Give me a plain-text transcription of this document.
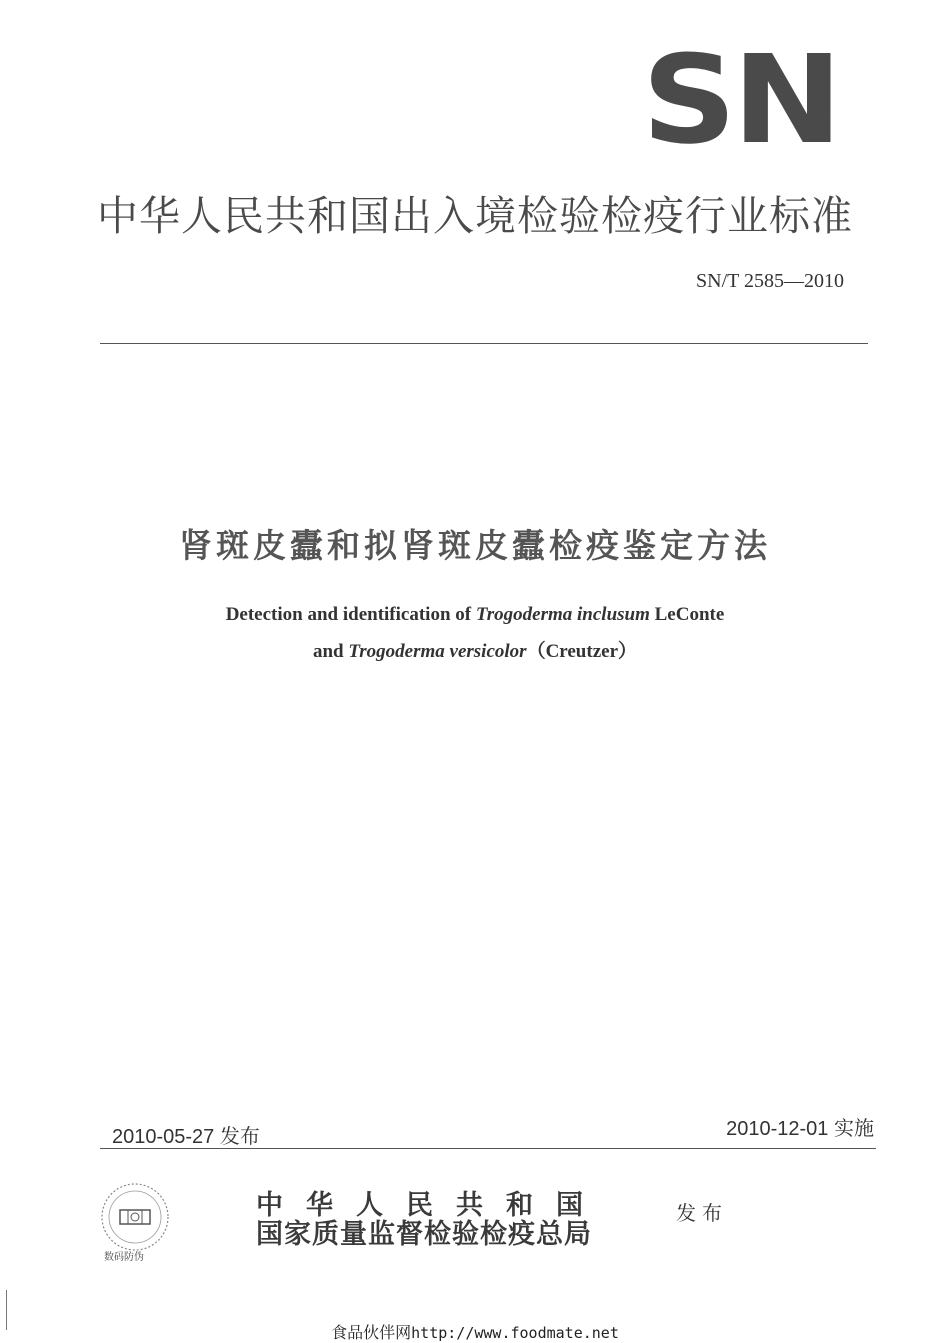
SN
中华人民共和国出入境检验检疫行业标准
SN/T 2585—2010
肾斑皮蠹和拟肾斑皮蠹检疫鉴定方法
Detection and identification of Trogoderma inclusum LeConte
and Trogoderma versicolor（Creutzer）
2010-05-27 发布	2010-12-01 实施
数码防伪
中华人民共和国
国家质量监督检验检疫总局
发布
食品伙伴网http://www.foodmate.net
